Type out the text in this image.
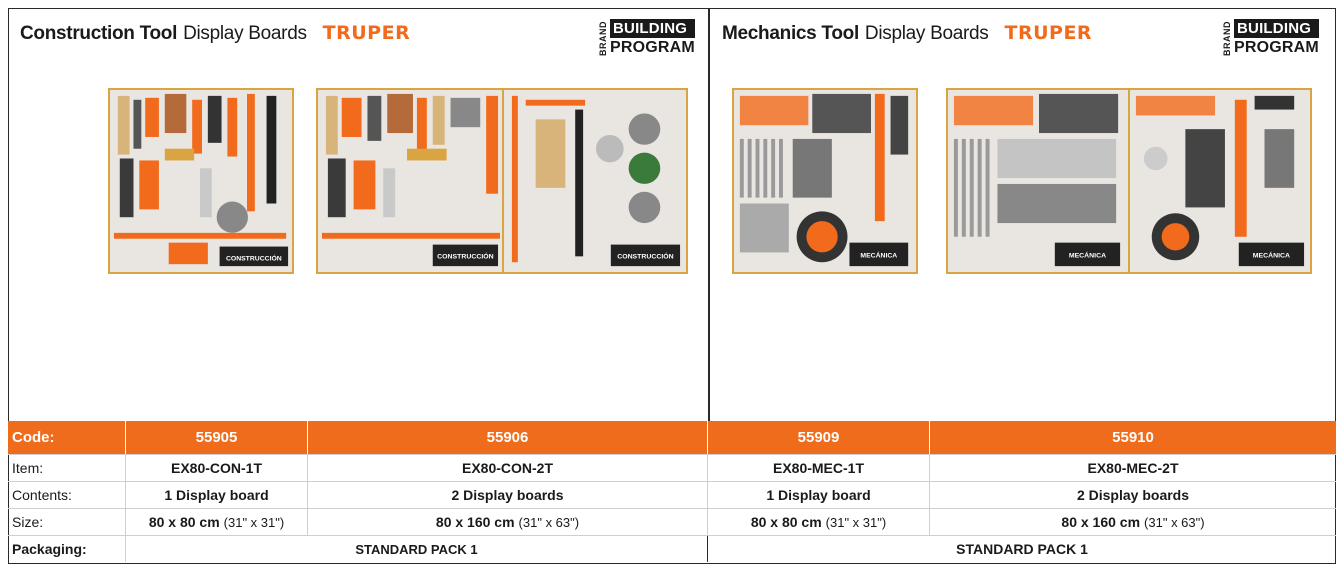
Construction Tool Display Boards TRUPER	BRAND BUILDING
PROGRAM
Mechanics Tool Display Boards TRUPER	BRAND BUILDING
PROGRAM
CONSTRUCCIÓN	CONSTRUCCIÓN	CONSTRUCCIÓN	MECÁNICA	MECÁNICA	MECÁNICA
Code:	55905	55906	55909	55910
Item:	EX80-CON-1T	EX80-CON-2T	EX80-MEC-1T	EX80-MEC-2T
Contents:	1 Display board	2 Display boards	1 Display board	2 Display boards
Size:	80 x 80 cm (31" x 31")	80 x 160 cm (31" x 63")	80 x 80 cm (31" x 31")	80 x 160 cm (31" x 63")
Packaging:	STANDARD PACK 1	STANDARD PACK 1
